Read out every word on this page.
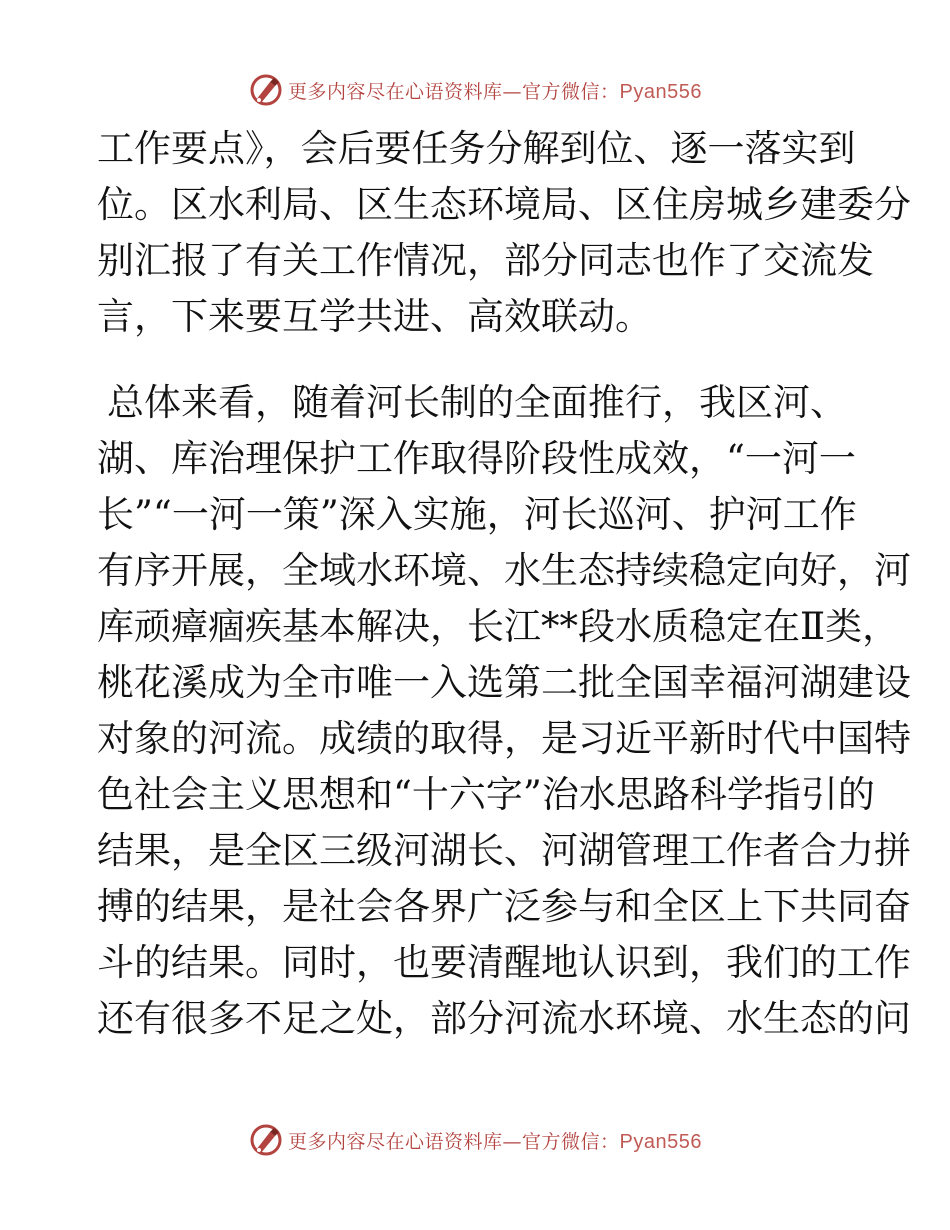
更多内容尽在心语资料库—官方微信：Pyan556
工作要点》，会后要任务分解到位、逐一落实到
位。区水利局、区生态环境局、区住房城乡建委分
别汇报了有关工作情况，部分同志也作了交流发
言，下来要互学共进、高效联动。
总体来看，随着河长制的全面推行，我区河、
湖、库治理保护工作取得阶段性成效，“一河一
长”“一河一策”深入实施，河长巡河、护河工作
有序开展，全域水环境、水生态持续稳定向好，河
库顽瘴痼疾基本解决，长江**段水质稳定在Ⅱ类，
桃花溪成为全市唯一入选第二批全国幸福河湖建设
对象的河流。成绩的取得，是习近平新时代中国特
色社会主义思想和“十六字”治水思路科学指引的
结果，是全区三级河湖长、河湖管理工作者合力拼
搏的结果，是社会各界广泛参与和全区上下共同奋
斗的结果。同时，也要清醒地认识到，我们的工作
还有很多不足之处，部分河流水环境、水生态的问
更多内容尽在心语资料库—官方微信：Pyan556
